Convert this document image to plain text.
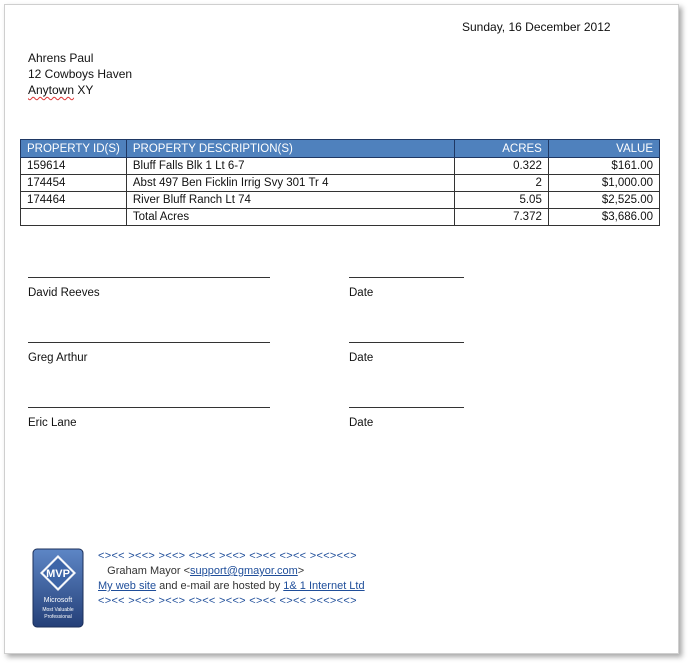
Sunday, 16 December 2012
Ahrens Paul
12 Cowboys Haven
Anytown XY
PROPERTY ID(S)	PROPERTY DESCRIPTION(S)	ACRES	VALUE
159614	Bluff Falls Blk 1 Lt 6-7	0.322	$161.00
174454	Abst 497 Ben Ficklin Irrig Svy 301 Tr 4	2	$1,000.00
174464	River Bluff Ranch Lt 74	5.05	$2,525.00
	Total Acres	7.372	$3,686.00
David Reeves	Date
Greg Arthur	Date
Eric Lane	Date
MVP
Microsoft
Most Valuable
Professional
<><< ><<> ><<> <><< ><<> <><< <><< ><<><<>
Graham Mayor <support@gmayor.com>
My web site and e-mail are hosted by 1& 1 Internet Ltd
<><< ><<> ><<> <><< ><<> <><< <><< ><<><<>
